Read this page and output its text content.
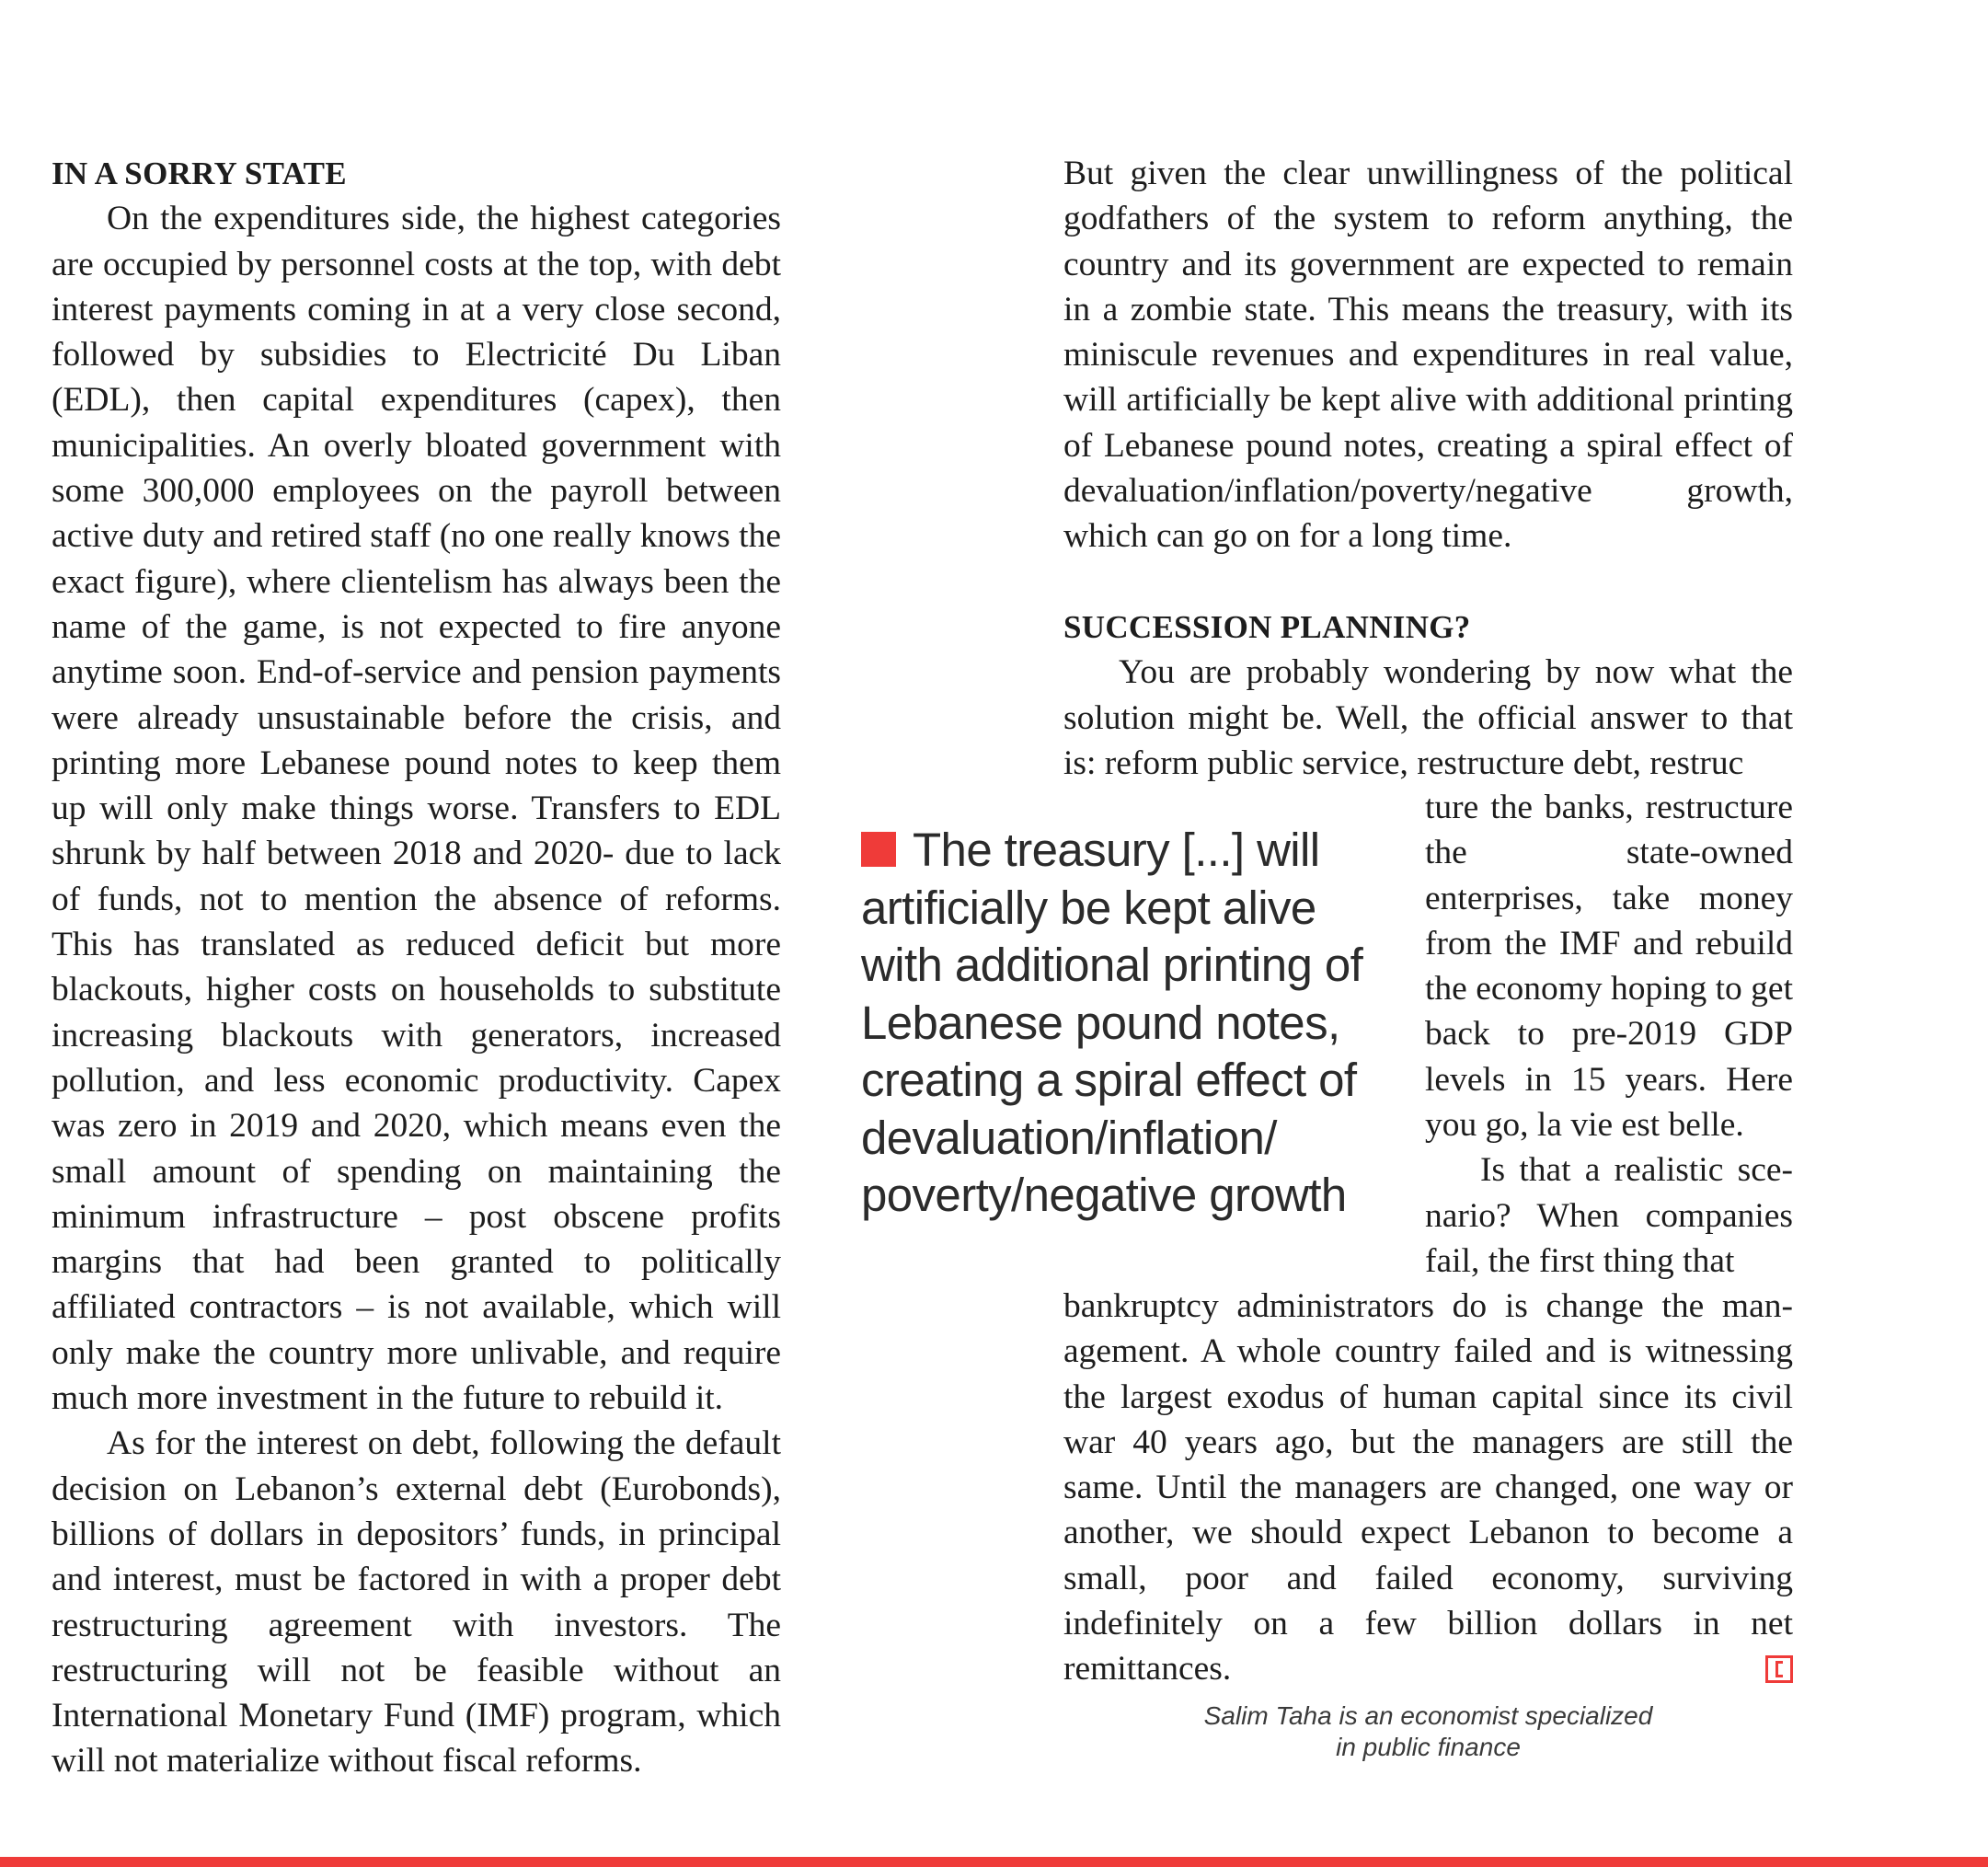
IN A SORRY STATE

On the expenditures side, the highest categories are occupied by personnel costs at the top, with debt interest payments coming in at a very close second, followed by subsidies to Electricité Du Liban (EDL), then capital expenditures (capex), then municipalities. An overly bloated government with some 300,000 employees on the payroll between active duty and retired staff (no one really knows the exact figure), where clientelism has always been the name of the game, is not expected to fire anyone anytime soon. End-of-service and pension payments were already unsustainable before the crisis, and printing more Lebanese pound notes to keep them up will only make things worse. Transfers to EDL shrunk by half between 2018 and 2020- due to lack of funds, not to mention the absence of reforms. This has translated as reduced deficit but more blackouts, higher costs on households to substitute increasing blackouts with generators, increased pollution, and less economic productivity. Capex was zero in 2019 and 2020, which means even the small amount of spending on maintaining the minimum infrastructure – post obscene profits margins that had been granted to politically affiliated contractors – is not available, which will only make the country more unlivable, and require much more investment in the future to rebuild it.

As for the interest on debt, following the default decision on Lebanon’s external debt (Eurobonds), billions of dollars in depositors’ funds, in principal and interest, must be factored in with a proper debt restructuring agreement with investors. The restructuring will not be feasible without an International Monetary Fund (IMF) program, which will not materialize without fiscal reforms.

But given the clear unwillingness of the political godfathers of the system to reform anything, the country and its government are expected to remain in a zombie state. This means the treasury, with its miniscule revenues and expenditures in real value, will artificially be kept alive with additional printing of Lebanese pound notes, creating a spiral effect of devaluation/inflation/poverty/negative growth, which can go on for a long time.

SUCCESSION PLANNING?

You are probably wondering by now what the solution might be. Well, the official answer to that is: reform public service, restructure debt, restruc

ture the banks, restructure the state-owned enterprises, take money from the IMF and rebuild the economy hoping to get back to pre-2019 GDP levels in 15 years. Here you go, la vie est belle.

Is that a realistic scenario? When companies fail, the first thing that

The treasury [...] will artificially be kept alive with additional printing of Lebanese pound notes, creating a spiral effect of devaluation/inflation/ poverty/negative growth

bankruptcy administrators do is change the management. A whole country failed and is witnessing the largest exodus of human capital since its civil war 40 years ago, but the managers are still the same. Until the managers are changed, one way or another, we should expect Lebanon to become a small, poor and failed economy, surviving indefinitely on a few billion dollars in net remittances.

Salim Taha is an economist specialized
in public finance
